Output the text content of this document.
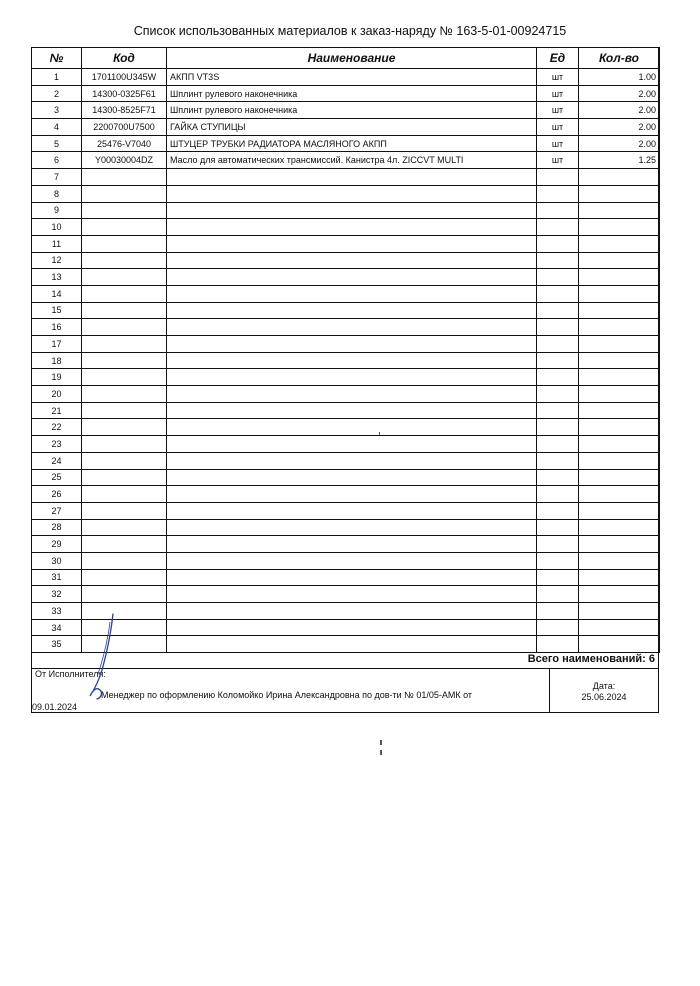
Список использованных материалов к заказ-наряду № 163-5-01-00924715
№	Код	Наименование	Ед	Кол-во
1	1701100U345W	АКПП VT3S	шт	1.00
2	14300-0325F61	Шплинт рулевого наконечника	шт	2.00
3	14300-8525F71	Шплинт рулевого наконечника	шт	2.00
4	2200700U7500	ГАЙКА СТУПИЦЫ	шт	2.00
5	25476-V7040	ШТУЦЕР ТРУБКИ РАДИАТОРА МАСЛЯНОГО АКПП	шт	2.00
6	Y00030004DZ	Масло для автоматических трансмиссий. Канистра 4л. ZICCVT MULTI	шт	1.25
7				
8				
9				
10				
11				
12				
13				
14				
15				
16				
17				
18				
19				
20				
21				
22				
23				
24				
25				
26				
27				
28				
29				
30				
31				
32				
33				
34				
35				
Всего наименований: 6
От Исполнителя:
Менеджер по оформлению Коломойко Ирина Александровна по дов-ти № 01/05-АМК от
09.01.2024
Дата:
25.06.2024
